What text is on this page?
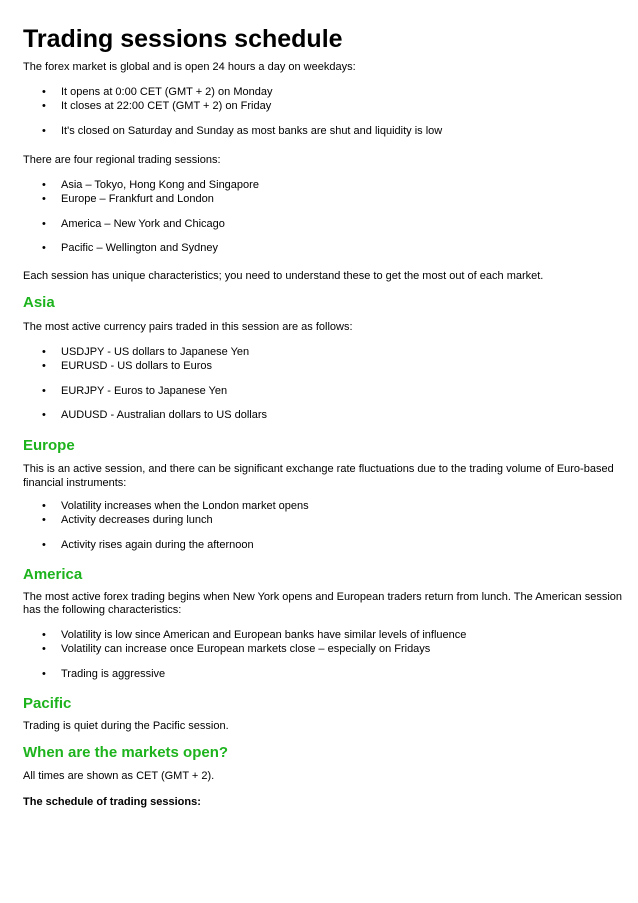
Trading sessions schedule

The forex market is global and is open 24 hours a day on weekdays:

• It opens at 0:00 CET (GMT + 2) on Monday
• It closes at 22:00 CET (GMT + 2) on Friday
• It's closed on Saturday and Sunday as most banks are shut and liquidity is low

There are four regional trading sessions:

• Asia – Tokyo, Hong Kong and Singapore
• Europe – Frankfurt and London
• America – New York and Chicago
• Pacific – Wellington and Sydney

Each session has unique characteristics; you need to understand these to get the most out of each market.

Asia

The most active currency pairs traded in this session are as follows:

• USDJPY - US dollars to Japanese Yen
• EURUSD - US dollars to Euros
• EURJPY - Euros to Japanese Yen
• AUDUSD - Australian dollars to US dollars
Europe

This is an active session, and there can be significant exchange rate fluctuations due to the trading volume of Euro-based

financial instruments:

• Volatility increases when the London market opens
• Activity decreases during lunch
• Activity rises again during the afternoon
America

The most active forex trading begins when New York opens and European traders return from lunch. The American session

has the following characteristics:

• Volatility is low since American and European banks have similar levels of influence
• Volatility can increase once European markets close – especially on Fridays
• Trading is aggressive
Pacific

Trading is quiet during the Pacific session.

When are the markets open?

All times are shown as CET (GMT + 2).

The schedule of trading sessions:
